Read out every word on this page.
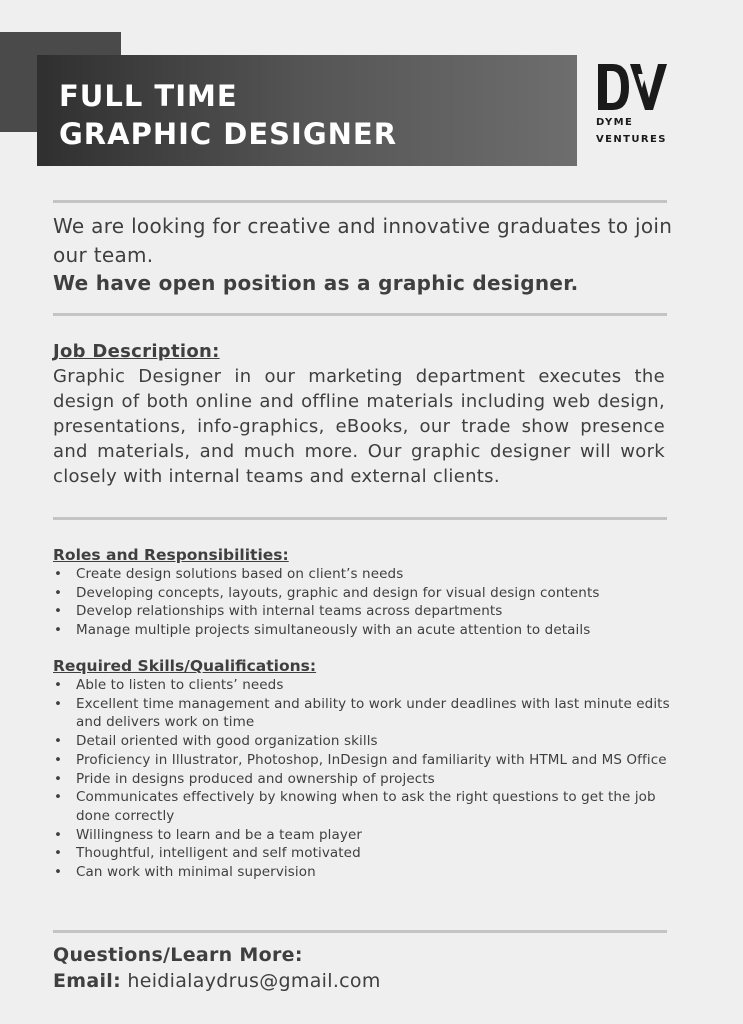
FULL TIME
GRAPHIC DESIGNER	DYME
VENTURES
We are looking for creative and innovative graduates to join our team.
We have open position as a graphic designer.
Job Description:
Graphic Designer in our marketing department executes the design of both online and offline materials including web design, presentations, info-graphics, eBooks, our trade show presence and materials, and much more. Our graphic designer will work closely with internal teams and external clients.
Roles and Responsibilities:
• Create design solutions based on client’s needs
• Developing concepts, layouts, graphic and design for visual design contents
• Develop relationships with internal teams across departments
• Manage multiple projects simultaneously with an acute attention to details
Required Skills/Qualifications:
• Able to listen to clients’ needs
• Excellent time management and ability to work under deadlines with last minute edits and delivers work on time
• Detail oriented with good organization skills
• Proficiency in Illustrator, Photoshop, InDesign and familiarity with HTML and MS Office
• Pride in designs produced and ownership of projects
• Communicates effectively by knowing when to ask the right questions to get the job done correctly
• Willingness to learn and be a team player
• Thoughtful, intelligent and self motivated
• Can work with minimal supervision
Questions/Learn More:
Email: heidialaydrus@gmail.com
